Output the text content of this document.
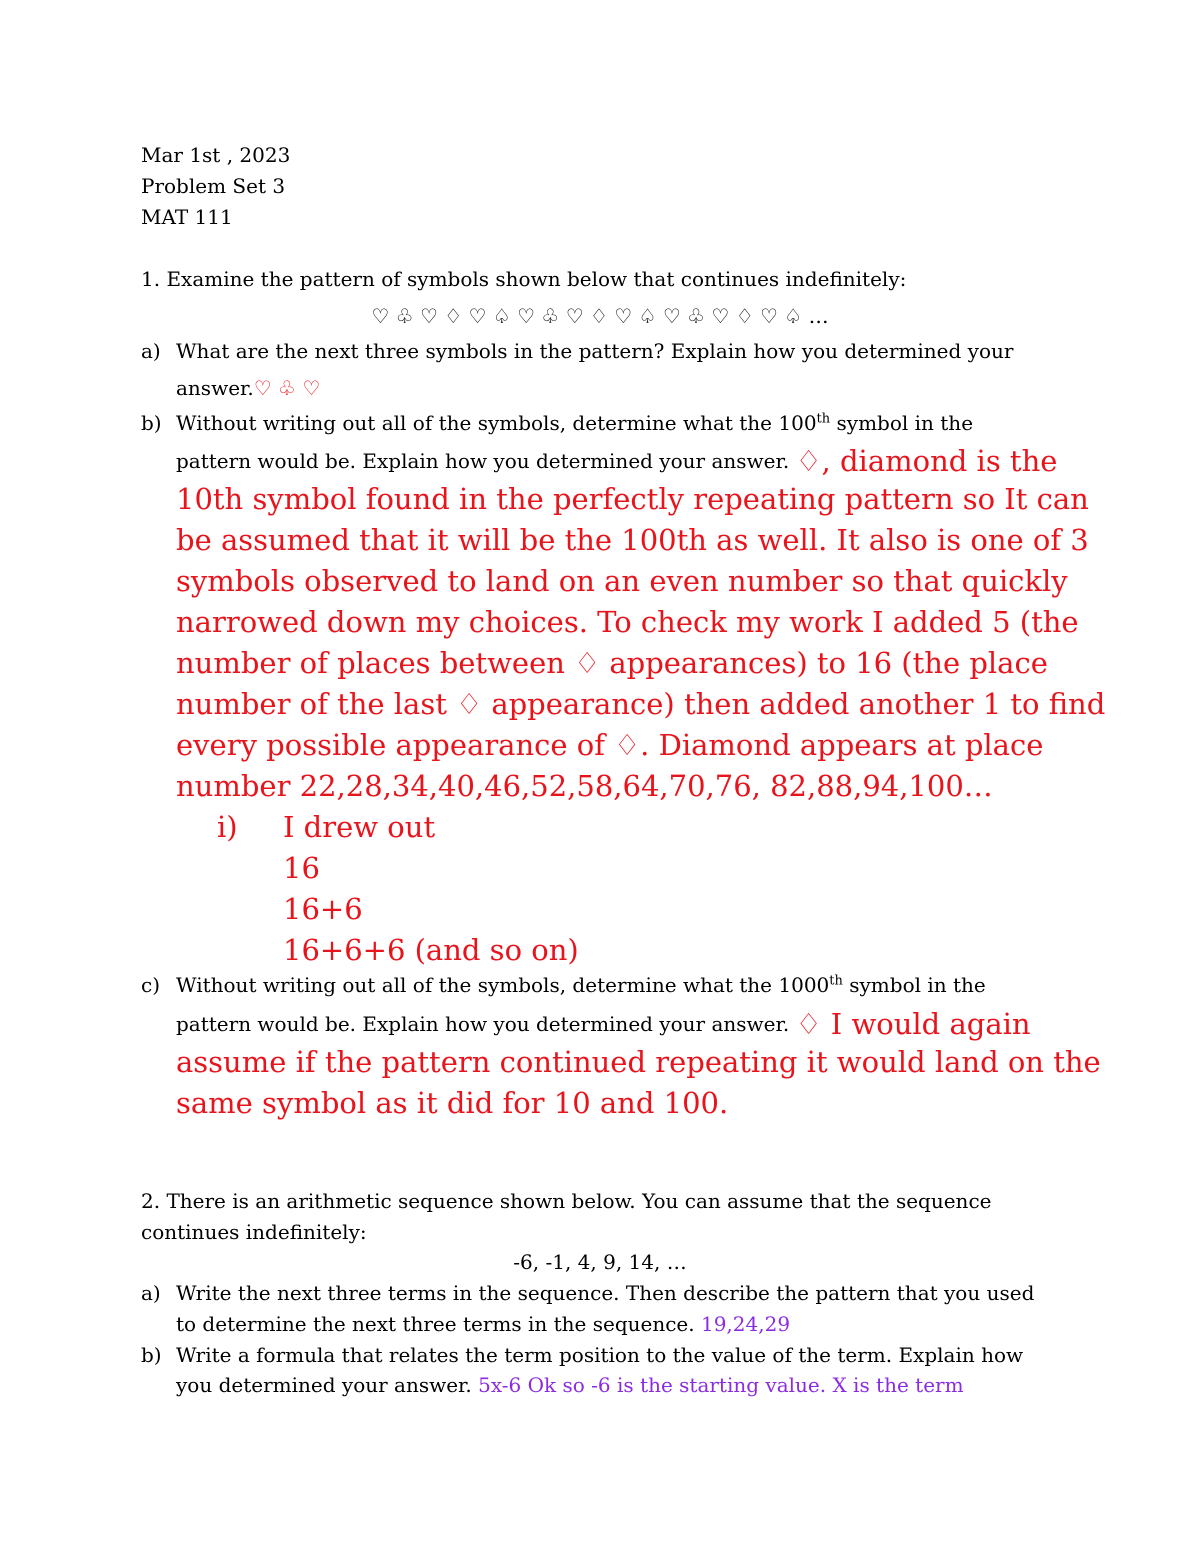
Mar 1st , 2023
Problem Set 3
MAT 111
1. Examine the pattern of symbols shown below that continues indefinitely:
♡ ♧ ♡ ♢ ♡ ♤ ♡ ♧ ♡ ♢ ♡ ♤ ♡ ♧ ♡ ♢ ♡ ♤ …
a) What are the next three symbols in the pattern? Explain how you determined your
answer.♡ ♧ ♡
b) Without writing out all of the symbols, determine what the 100th symbol in the
pattern would be. Explain how you determined your answer. ♢, diamond is the
10th symbol found in the perfectly repeating pattern so It can
be assumed that it will be the 100th as well. It also is one of 3
symbols observed to land on an even number so that quickly
narrowed down my choices. To check my work I added 5 (the
number of places between ♢ appearances) to 16 (the place
number of the last ♢ appearance) then added another 1 to find
every possible appearance of ♢. Diamond appears at place
number 22,28,34,40,46,52,58,64,70,76, 82,88,94,100…
i) I drew out
16
16+6
16+6+6 (and so on)
c) Without writing out all of the symbols, determine what the 1000th symbol in the
pattern would be. Explain how you determined your answer. ♢ I would again
assume if the pattern continued repeating it would land on the
same symbol as it did for 10 and 100.
2. There is an arithmetic sequence shown below. You can assume that the sequence
continues indefinitely:
-6, -1, 4, 9, 14, …
a) Write the next three terms in the sequence. Then describe the pattern that you used
to determine the next three terms in the sequence. 19,24,29
b) Write a formula that relates the term position to the value of the term. Explain how
you determined your answer. 5x-6 Ok so -6 is the starting value. X is the term
